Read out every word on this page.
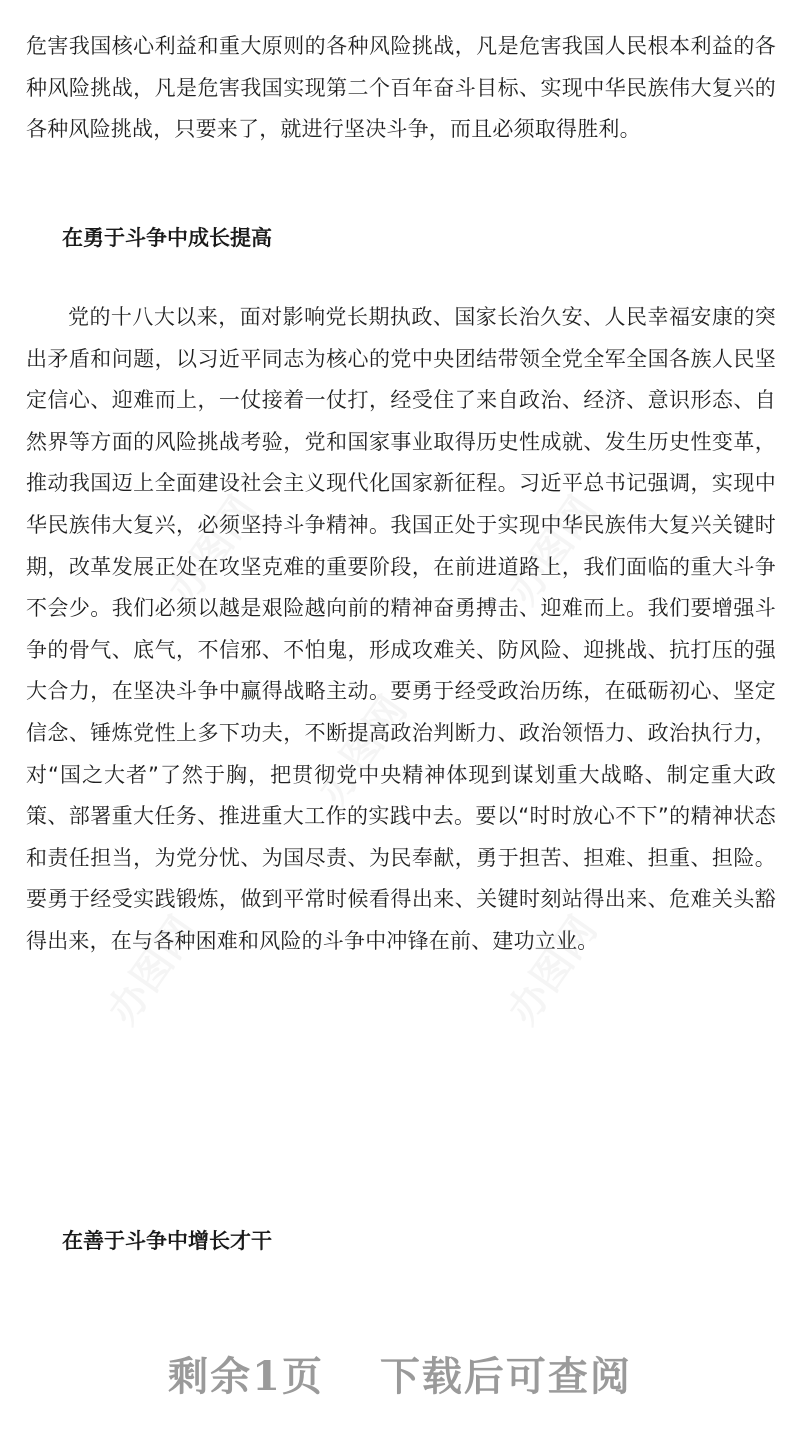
办图网	办图网
办图网
办图网	办图网

危害我国核心利益和重大原则的各种风险挑战，凡是危害我国人民根本利益的各种风险挑战，凡是危害我国实现第二个百年奋斗目标、实现中华民族伟大复兴的各种风险挑战，只要来了，就进行坚决斗争，而且必须取得胜利。

在勇于斗争中成长提高

党的十八大以来，面对影响党长期执政、国家长治久安、人民幸福安康的突出矛盾和问题，以习近平同志为核心的党中央团结带领全党全军全国各族人民坚定信心、迎难而上，一仗接着一仗打，经受住了来自政治、经济、意识形态、自然界等方面的风险挑战考验，党和国家事业取得历史性成就、发生历史性变革，推动我国迈上全面建设社会主义现代化国家新征程。习近平总书记强调，实现中华民族伟大复兴，必须坚持斗争精神。我国正处于实现中华民族伟大复兴关键时期，改革发展正处在攻坚克难的重要阶段，在前进道路上，我们面临的重大斗争不会少。我们必须以越是艰险越向前的精神奋勇搏击、迎难而上。我们要增强斗争的骨气、底气，不信邪、不怕鬼，形成攻难关、防风险、迎挑战、抗打压的强大合力，在坚决斗争中赢得战略主动。要勇于经受政治历练，在砥砺初心、坚定信念、锤炼党性上多下功夫，不断提高政治判断力、政治领悟力、政治执行力，对“国之大者”了然于胸，把贯彻党中央精神体现到谋划重大战略、制定重大政策、部署重大任务、推进重大工作的实践中去。要以“时时放心不下”的精神状态和责任担当，为党分忧、为国尽责、为民奉献，勇于担苦、担难、担重、担险。要勇于经受实践锻炼，做到平常时候看得出来、关键时刻站得出来、危难关头豁得出来，在与各种困难和风险的斗争中冲锋在前、建功立业。

在善于斗争中增长才干
剩余1页 下载后可查阅
